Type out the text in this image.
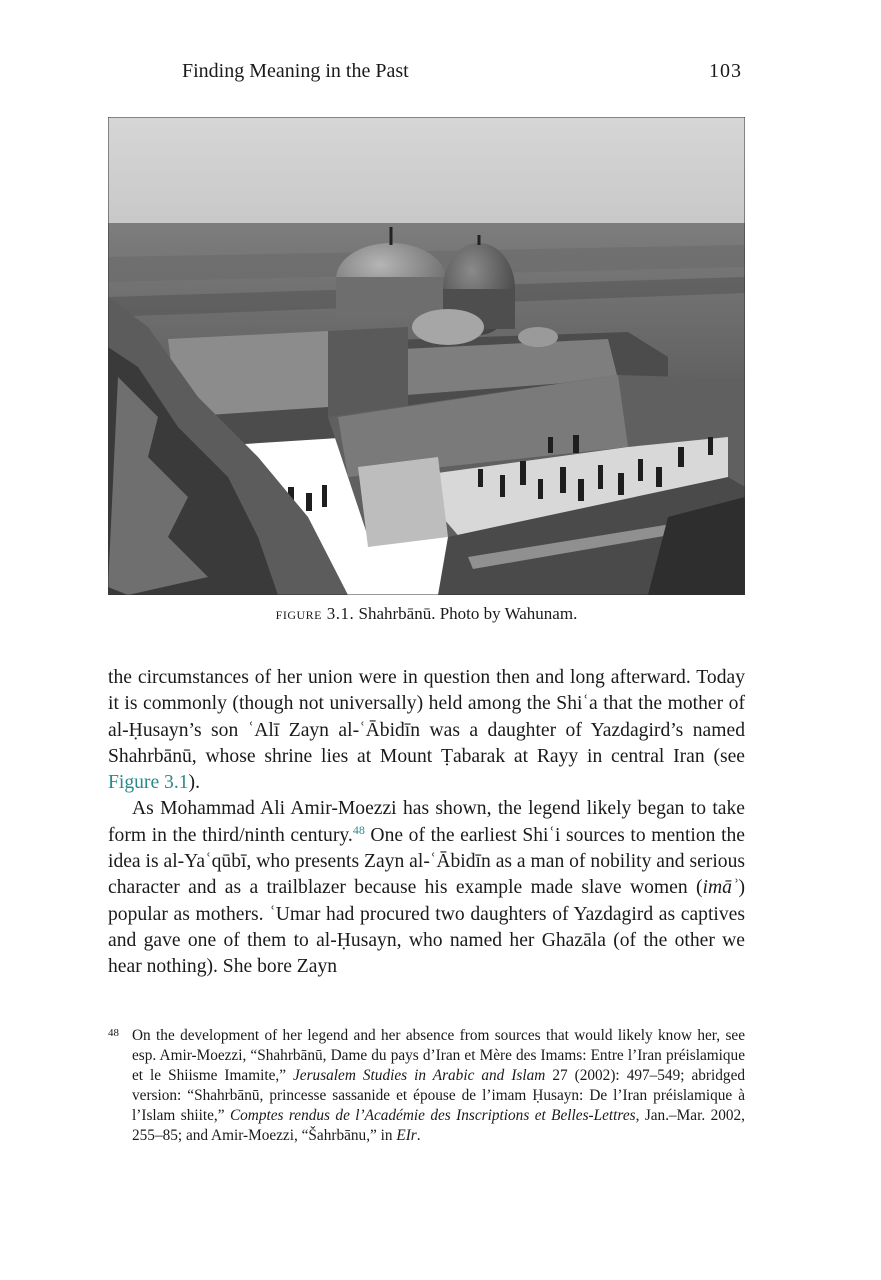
Finding Meaning in the Past	103
figure 3.1. Shahrbānū. Photo by Wahunam.

the circumstances of her union were in question then and long afterward. Today it is commonly (though not universally) held among the Shiʿa that the mother of al-Ḥusayn’s son ʿAlī Zayn al-ʿĀbidīn was a daughter of Yazdagird’s named Shahrbānū, whose shrine lies at Mount Ṭabarak at Rayy in central Iran (see Figure 3.1).

As Mohammad Ali Amir-Moezzi has shown, the legend likely began to take form in the third/ninth century.$^{48}$ One of the earliest Shiʿi sources to mention the idea is al-Yaʿqūbī, who presents Zayn al-ʿĀbidīn as a man of nobility and serious character and as a trailblazer because his example made slave women (imāʾ) popular as mothers. ʿUmar had procured two daughters of Yazdagird as captives and gave one of them to al-Ḥusayn, who named her Ghazāla (of the other we hear nothing). She bore Zayn

48 On the development of her legend and her absence from sources that would likely know her, see esp. Amir-Moezzi, “Shahrbānū, Dame du pays d’Iran et Mère des Imams: Entre l’Iran préislamique et le Shiisme Imamite,” Jerusalem Studies in Arabic and Islam 27 (2002): 497–549; abridged version: “Shahrbānū, princesse sassanide et épouse de l’imam Ḥusayn: De l’Iran préislamique à l’Islam shiite,” Comptes rendus de l’Académie des Inscriptions et Belles-Lettres, Jan.–Mar. 2002, 255–85; and Amir-Moezzi, “Šahrbānu,” in EIr.
